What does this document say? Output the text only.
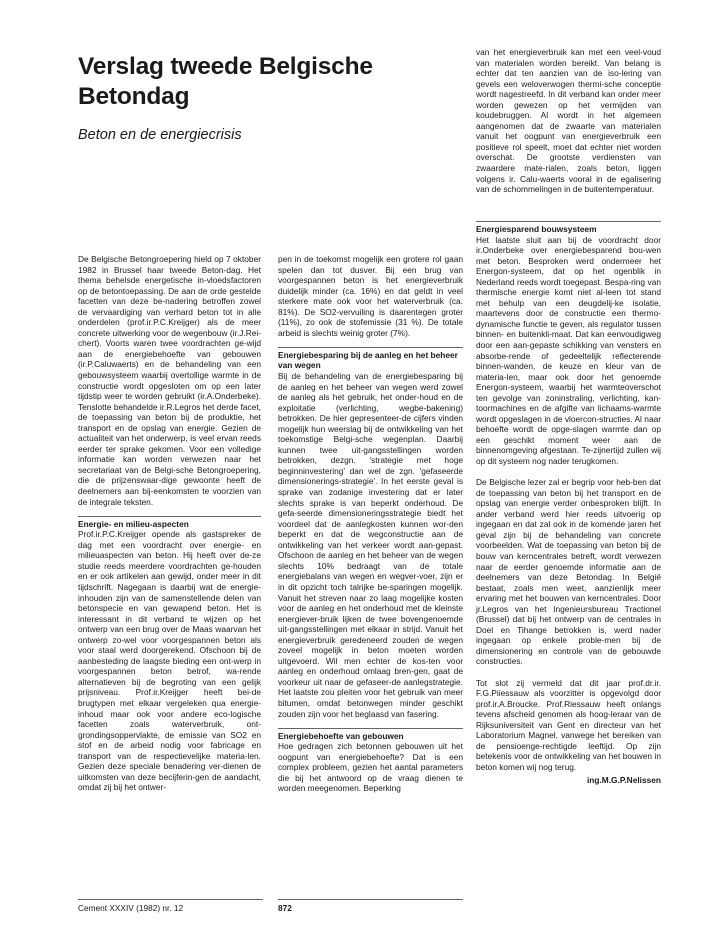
Verslag tweede Belgische
Betondag
Beton en de energiecrisis

De Belgische Betongroepering hield op 7 oktober 1982 in Brussel haar tweede Beton-dag. Het thema behelsde energetische in-vloedsfactoren op de betontoepassing. De aan de orde gestelde facetten van deze be-nadering betroffen zowel de vervaardiging van verhard beton tot in alle onderdelen (prof.ir.P.C.Kreijger) als de meer concrete uitwerking voor de wegenbouw (ir.J.Rei-chert). Voorts waren twee voordrachten ge-wijd aan de energiebehoefte van gebouwen (ir.P.Caluwaerts) en de behandeling van een gebouwsysteem waarbij overtollige warmte in de constructie wordt opgesloten om op een later tijdstip weer te worden gebruikt (ir.A.Onderbeke). Tenslotte behandelde ir.R.Legros het derde facet, de toepassing van beton bij de produktie, het transport en de opslag van energie. Gezien de actualiteit van het onderwerp, is veel ervan reeds eerder ter sprake gekomen. Voor een volledige informatie kan worden verwezen naar het secretariaat van de Belgi-sche Betongroepering, die de prijzenswaar-dige gewoonte heeft de deelnemers aan bij-eenkomsten te voorzien van de integrale teksten.

Energie- en milieu-aspecten

Prof.ir.P.C.Kreijger opende als gastspreker de dag met een voordracht over energie- en milieuaspecten van beton. Hij heeft over de-ze studie reeds meerdere voordrachten ge-houden en er ook artikelen aan gewijd, onder meer in dit tijdschrift. Nagegaan is daarbij wat de energie-inhouden zijn van de samenstellende delen van betonspecie en van gewapend beton. Het is interessant in dit verband te wijzen op het ontwerp van een brug over de Maas waarvan het ontwerp zo-wel voor voorgespannen beton als voor staal werd doorgerekend. Ofschoon bij de aanbesteding de laagste bieding een ont-werp in voorgespannen beton betrof, wa-rende alternatieven bij de begroting van een gelijk prijsniveau. Prof.ir.Kreijger heeft bei-de brugtypen met elkaar vergeleken qua energie-inhoud maar ook voor andere eco-logische facetten zoals waterverbruik, ont-grondingsoppervlakte, de emissie van SO2 en stof en de arbeid nodig voor fabricage en transport van de respectievelijke materia-len. Gezien deze speciale benadering ver-dienen de uitkomsten van deze becijferin-gen de aandacht, omdat zij bij het ontwer-

pen in de toekomst mogelijk een grotere rol gaan spelen dan tot dusver. Bij een brug van voorgespannen beton is het energieverbruik duidelijk minder (ca. 16%) en dat geldt in veel sterkere mate ook voor het waterverbruik (ca. 81%). De SO2-vervuiling is daarentegen groter (11%), zo ook de stofemissie (31 %). De totale arbeid is slechts weinig groter (7%).

Energiebesparing bij de aanleg en het beheer van wegen

Bij de behandeling van de energiebesparing bij de aanleg en het beheer van wegen werd zowel de aanleg als het gebruik, het onder-houd en de exploitatie (verlichting, wegbe-bakening) betrokken. De hier gepresenteer-de cijfers vinden mogelijk hun weerslag bij de ontwikkeling van het toekomstige Belgi-sche wegenplan. Daarbij kunnen twee uit-gangsstellingen worden betrokken, dezgn. 'strategie met hoge beginninvestering' dan wel de zgn. 'gefaseerde dimensionerings-strategie'. In het eerste geval is sprake van zodanige investering dat er later slechts sprake is van beperkt onderhoud. De gefa-seerde dimensioneringsstrategie biedt het voordeel dat de aanlegkosten kunnen wor-den beperkt en dat de wegconstructie aan de ontwikkeling van het verkeer wordt aan-gepast. Ofschoon de aanleg en het beheer van de wegen slechts 10% bedraagt van de totale energiebalans van wegen en wegver-voer, zijn er in dit opzicht toch talrijke be-sparingen mogelijk. Vanuit het streven naar zo laag mogelijke kosten voor de aanleg en het onderhoud met de kleinste energiever-bruik lijken de twee bovengenoemde uit-gangsstellingen met elkaar in strijd. Vanuit het energieverbruik geredeneerd zouden de wegen zoveel mogelijk in beton moeten worden uitgevoerd. Wil men echter de kos-ten voor aanleg en onderhoud omlaag bren-gen, gaat de voorkeur uit naar de gefaseer-de aanlegstrategie. Het laatste zou pleiten voor het gebruik van meer bitumen, omdat betonwegen minder geschikt zouden zijn voor het beglaasd van fasering.

Energiebehoefte van gebouwen

Hoe gedragen zich betonnen gebouwen uit het oogpunt van energiebehoefte? Dat is een complex probleem, gezien het aantal parameters die bij het antwoord op de vraag dienen te worden meegenomen. Beperking

van het energieverbruik kan met een veel-voud van materialen worden bereikt. Van belang is echter dat ten aanzien van de iso-lering van gevels een weloverwogen thermi-sche conceptie wordt nagestreefd. In dit verband kan onder meer worden gewezen op het vermijden van koudebruggen. Al wordt in het algemeen aangenomen dat de zwaarte van materialen vanuit het oogpunt van energieverbruik een positieve rol speelt, moet dat echter niet worden overschat. De grootste verdiensten van zwaardere mate-rialen, zoals beton, liggen volgens ir. Calu-waerts vooral in de egalisering van de schommelingen in de buitentemperatuur.

Energiesparend bouwsysteem

Het laatste sluit aan bij de voordracht door ir.Onderbeke over energiebesparend bou-wen met beton. Besproken werd ondermeer het Energon-systeem, dat op het ogenblik in Nederland reeds wordt toegepast. Bespa-ring van thermische energie komt niet al-leen tot stand met behulp van een deugdelij-ke isolatie, maartevens door de constructie een thermo-dynamische functie te geven, als regulator tussen binnen- en buitenkli-maat. Dat kan eenvoudigweg door een aan-gepaste schikking van vensters en absorbe-rende of gedeeltelijk reflecterende binnen-wanden, de keuze en kleur van de materia-len, maar ook door het genoemde Energon-systeem, waarbij het warmteoverschot ten gevolge van zoninstraling, verlichting, kan-toormachines en de afgifte van lichaams-warmte wordt opgeslagen in de vloercon-structies. Al naar behoefte wordt de opge-slagen warmte dan op een geschikt moment weer aan de binnenomgeving afgestaan. Te-zijnertijd zullen wij op dit systeem nog nader terugkomen.

De Belgische lezer zal er begrip voor heb-ben dat de toepassing van beton bij het transport en de opslag van energie verder onbesproken blijft. In ander verband werd hier reeds uitvoerig op ingegaan en dat zal ook in de komende jaren het geval zijn bij de behandeling van concrete voorbeelden. Wat de toepassing van beton bij de bouw van kerncentrales betreft, wordt verwezen naar de eerder genoemde informatie aan de deelnemers van deze Betondag. In België bestaat, zoals men weet, aanzienlijk meer ervaring met het bouwen van kerncentrales. Door jr.Legros van het Ingenieursbureau Tractionel (Brussel) dat bij het ontwerp van de centrales in Doel en Tihange betrokken is, werd nader ingegaan op enkele proble-men bij de dimensionering en controle van de gebouwde constructies.

Tot slot zij vermeld dat dit jaar prof.dr.ir. F.G.Piiessauw als voorzitter is opgevolgd door prof.ir.A.Broucke. Prof.Riessauw heeft onlangs tevens afscheid genomen als hoog-leraar van de Rijksuniversiteit van Gent en directeur van het Laboratorium Magnel, vanwege het bereiken van de pensioenge-rechtigde leeftijd. Op zijn betekenis voor de ontwikkeling van het bouwen in beton komen wij nog terug.

ing.M.G.P.Nelissen
Cement XXXIV (1982) nr. 12	872
